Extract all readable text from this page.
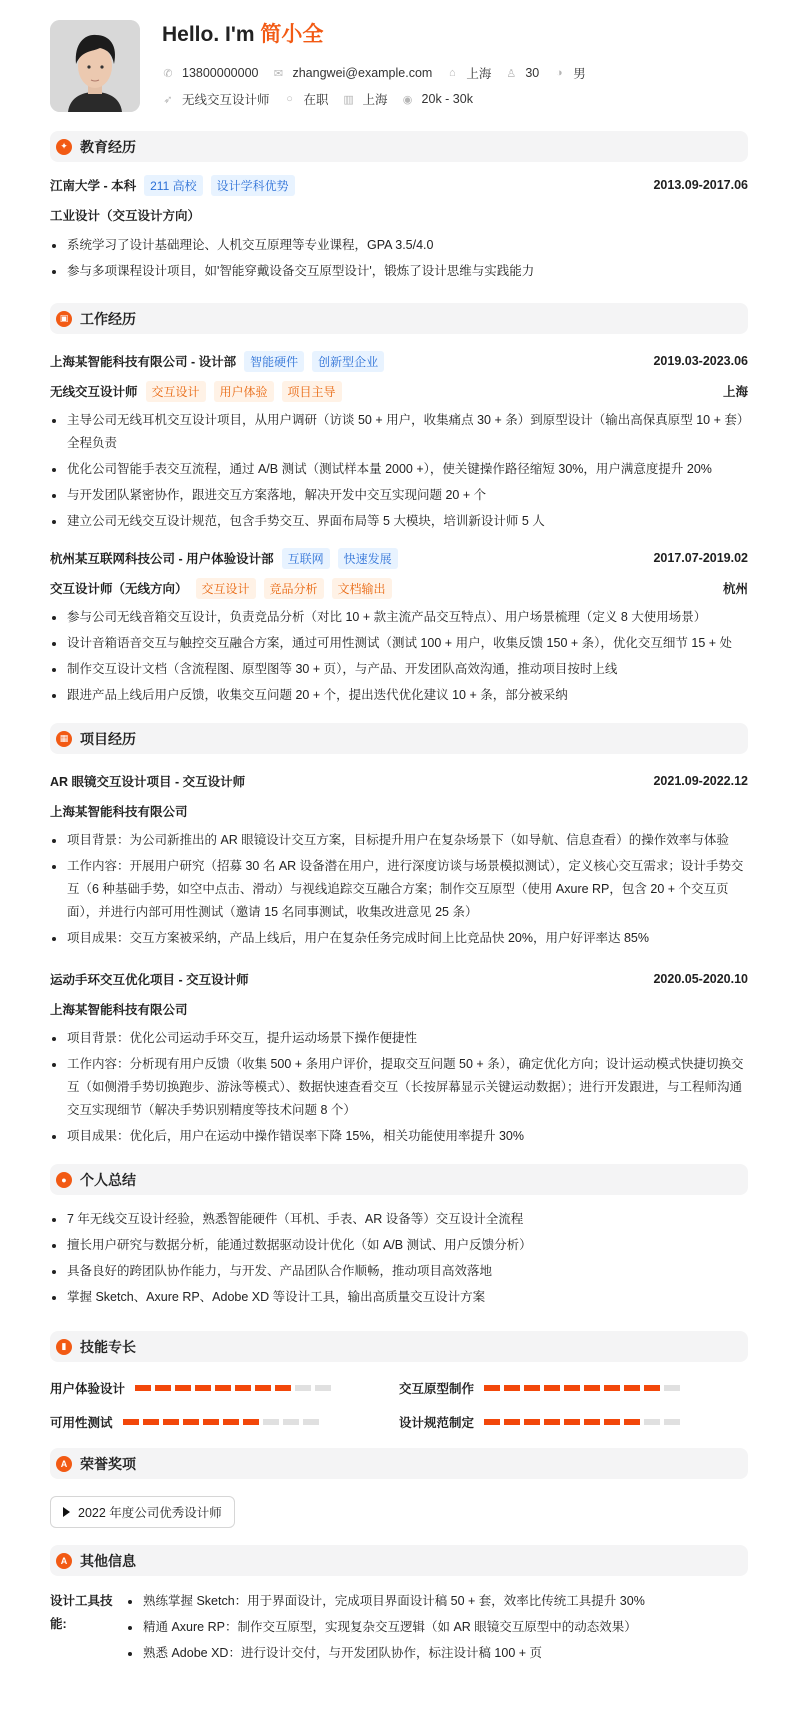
Hello. I'm 简小全
✆ 13800000000 ✉ zhangwei@example.com ⌂ 上海 ♙ 30 ◑ 男
➶ 无线交互设计师 ○ 在职 ▥ 上海 ◉ 20k - 30k
✦ 教育经历
江南大学 - 本科	211 高校	设计学科优势	2013.09-2017.06
工业设计（交互设计方向）
系统学习了设计基础理论、人机交互原理等专业课程，GPA 3.5/4.0
参与多项课程设计项目，如'智能穿戴设备交互原型设计'，锻炼了设计思维与实践能力
▣ 工作经历
上海某智能科技有限公司 - 设计部	智能硬件	创新型企业	2019.03-2023.06
无线交互设计师	交互设计	用户体验	项目主导	上海
主导公司无线耳机交互设计项目，从用户调研（访谈 50 + 用户，收集痛点 30 + 条）到原型设计（输出高保真原型 10 + 套）全程负责
优化公司智能手表交互流程，通过 A/B 测试（测试样本量 2000 +），使关键操作路径缩短 30%，用户满意度提升 20%
与开发团队紧密协作，跟进交互方案落地，解决开发中交互实现问题 20 + 个
建立公司无线交互设计规范，包含手势交互、界面布局等 5 大模块，培训新设计师 5 人
杭州某互联网科技公司 - 用户体验设计部	互联网	快速发展	2017.07-2019.02
交互设计师（无线方向）	交互设计	竞品分析	文档输出	杭州
参与公司无线音箱交互设计，负责竞品分析（对比 10 + 款主流产品交互特点）、用户场景梳理（定义 8 大使用场景）
设计音箱语音交互与触控交互融合方案，通过可用性测试（测试 100 + 用户，收集反馈 150 + 条），优化交互细节 15 + 处
制作交互设计文档（含流程图、原型图等 30 + 页），与产品、开发团队高效沟通，推动项目按时上线
跟进产品上线后用户反馈，收集交互问题 20 + 个，提出迭代优化建议 10 + 条，部分被采纳
▦ 项目经历
AR 眼镜交互设计项目 - 交互设计师	2021.09-2022.12
上海某智能科技有限公司
项目背景：为公司新推出的 AR 眼镜设计交互方案，目标提升用户在复杂场景下（如导航、信息查看）的操作效率与体验
工作内容：开展用户研究（招募 30 名 AR 设备潜在用户，进行深度访谈与场景模拟测试），定义核心交互需求；设计手势交互（6 种基础手势，如空中点击、滑动）与视线追踪交互融合方案；制作交互原型（使用 Axure RP，包含 20 + 个交互页面），并进行内部可用性测试（邀请 15 名同事测试，收集改进意见 25 条）
项目成果：交互方案被采纳，产品上线后，用户在复杂任务完成时间上比竞品快 20%，用户好评率达 85%
运动手环交互优化项目 - 交互设计师	2020.05-2020.10
上海某智能科技有限公司
项目背景：优化公司运动手环交互，提升运动场景下操作便捷性
工作内容：分析现有用户反馈（收集 500 + 条用户评价，提取交互问题 50 + 条），确定优化方向；设计运动模式快捷切换交互（如侧滑手势切换跑步、游泳等模式）、数据快速查看交互（长按屏幕显示关键运动数据）；进行开发跟进，与工程师沟通交互实现细节（解决手势识别精度等技术问题 8 个）
项目成果：优化后，用户在运动中操作错误率下降 15%，相关功能使用率提升 30%
● 个人总结
7 年无线交互设计经验，熟悉智能硬件（耳机、手表、AR 设备等）交互设计全流程
擅长用户研究与数据分析，能通过数据驱动设计优化（如 A/B 测试、用户反馈分析）
具备良好的跨团队协作能力，与开发、产品团队合作顺畅，推动项目高效落地
掌握 Sketch、Axure RP、Adobe XD 等设计工具，输出高质量交互设计方案
▮ 技能专长
用户体验设计	交互原型制作
可用性测试	设计规范制定
A 荣誉奖项
2022 年度公司优秀设计师
A 其他信息
设计工具技能:
熟练掌握 Sketch：用于界面设计，完成项目界面设计稿 50 + 套，效率比传统工具提升 30%
精通 Axure RP：制作交互原型，实现复杂交互逻辑（如 AR 眼镜交互原型中的动态效果）
熟悉 Adobe XD：进行设计交付，与开发团队协作，标注设计稿 100 + 页
